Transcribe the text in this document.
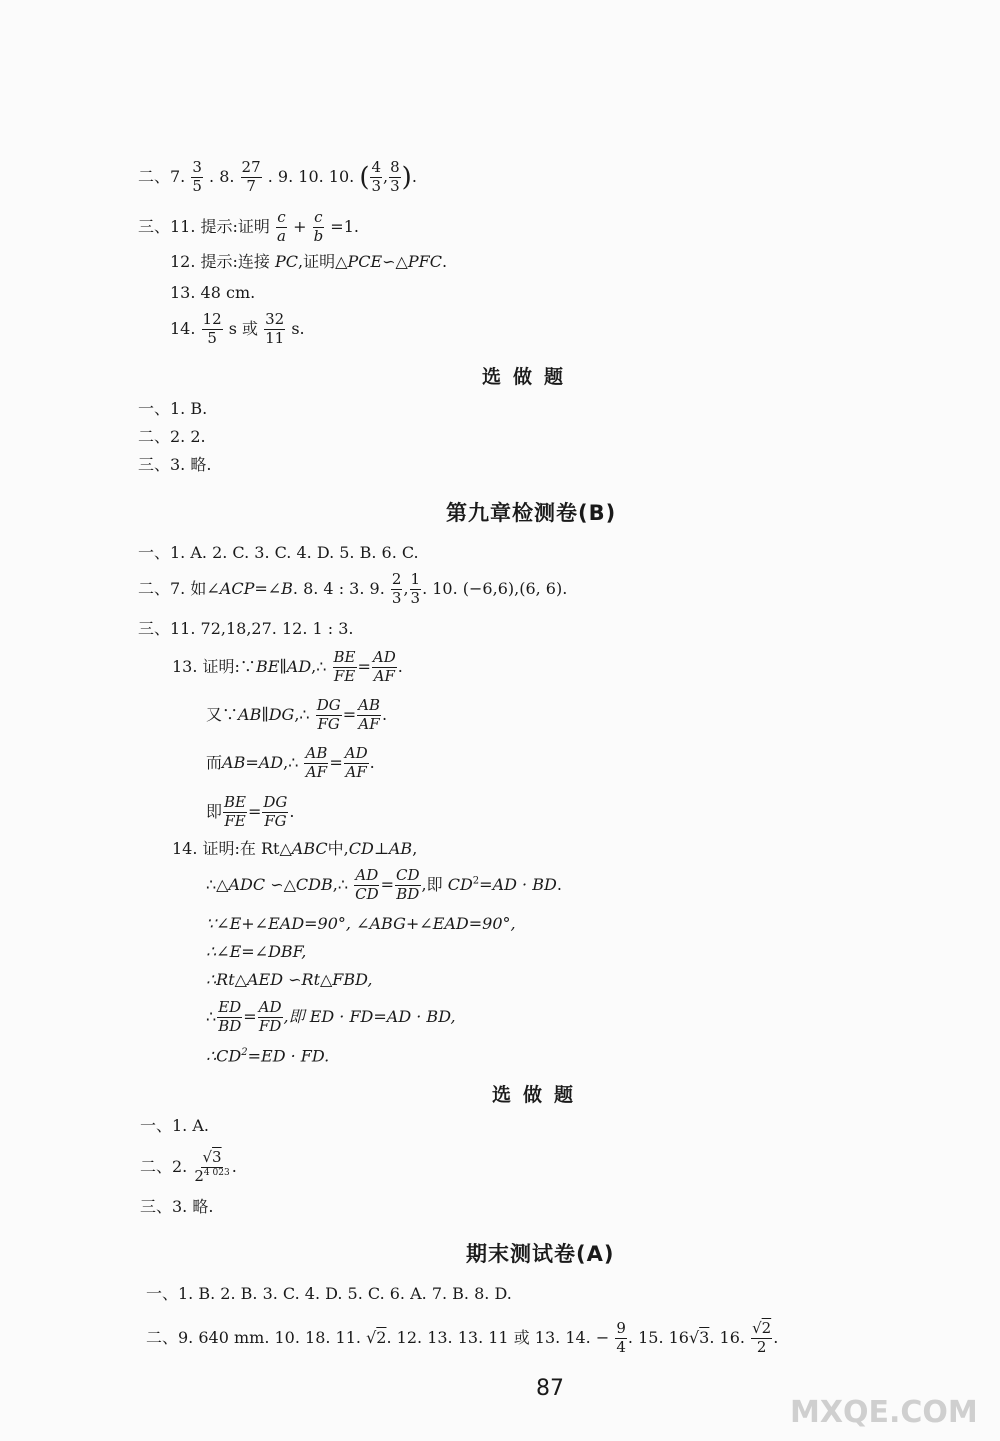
二、7. $\frac{3}{5}$ . 8. $\frac{27}{7}$ . 9. 10. 10. ( $\frac{4}{3}$ , $\frac{8}{3}$ ).
三、11. 提示:证明 $\frac{c}{a} + \frac{c}{b} =1$.
12. 提示:连接 PC,证明△PCE∽△PFC.
13. 48 cm.
14. $\frac{12}{5}$ s 或 $\frac{32}{11} s$.
选做题
一、1. B.
二、2. 2.
三、3. 略.
第九章检测卷(B)
一、1. A. 2. C. 3. C. 4. D. 5. B. 6. C.
二、7. 如∠ACP=∠B. 8. 4 : 3. 9. $\frac{2}{3}$ , $\frac{1}{3}$ . 10. (−6,6),(6, 6).
三、11. 72,18,27. 12. 1 : 3.
13. 证明:∵BE∥AD,∴ $\frac{BE}{FE} = \frac{AD}{AF}$ .
又∵AB∥DG,∴ $\frac{DG}{FG} = \frac{AB}{AF}$ .
而AB=AD,∴ $\frac{AB}{AF} = \frac{AD}{AF}$ .
即 $\frac{BE}{FE} = \frac{DG}{FG}$ .
14. 证明:在 Rt△ABC中,CD⊥AB,
∴△ADC ∽△CDB,∴ $\frac{AD}{CD} = \frac{CD}{BD}$ ,即 $CD^2=AD$ · BD.
∵∠E+∠EAD=90°, ∠ABG+∠EAD=90°,
∴∠E=∠DBF,
∴Rt△AED ∽Rt△FBD,
∴ $\frac{ED}{BD} = \frac{AD}{FD}$ ,即 ED · FD=AD · BD,
$\therefore CD^2=ED$ · FD.
选做题
一、1. A.
二、2. $\frac{√3}{2^{4 023}}$ .
三、3. 略.
期末测试卷(A)
一、1. B. 2. B. 3. C. 4. D. 5. C. 6. A. 7. B. 8. D.
二、9. 640 mm. 10. 18. 11. √2. 12. 13. 13. 11 或 13. 14. − $\frac{9}{4}$ . 15. 16√3. 16. $\frac{√2}{2}$ .
87
MXQE.COM
